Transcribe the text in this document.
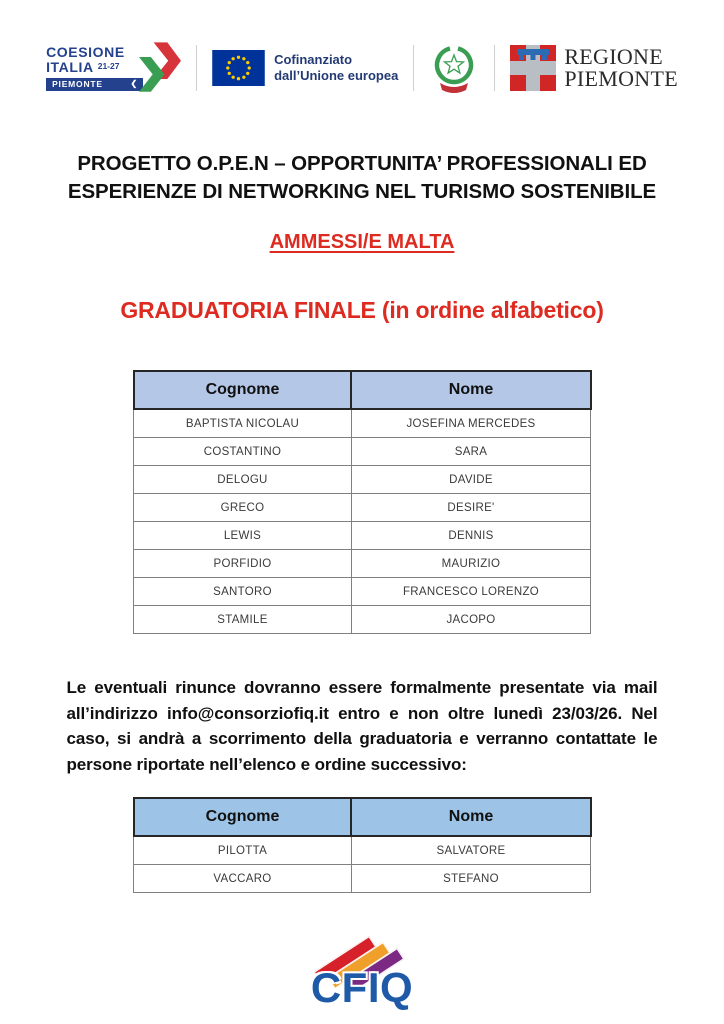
COESIONE
ITALIA $^{21-27}$
PIEMONTE	❮
Cofinanziato
dall’Unione europea
REGIONE
PIEMONTE
PROGETTO O.P.E.N – OPPORTUNITA’ PROFESSIONALI ED
ESPERIENZE DI NETWORKING NEL TURISMO SOSTENIBILE
AMMESSI/E MALTA
GRADUATORIA FINALE (in ordine alfabetico)
Cognome	Nome
BAPTISTA NICOLAU	JOSEFINA MERCEDES
COSTANTINO	SARA
DELOGU	DAVIDE
GRECO	DESIRE'
LEWIS	DENNIS
PORFIDIO	MAURIZIO
SANTORO	FRANCESCO LORENZO
STAMILE	JACOPO

Le eventuali rinunce dovranno essere formalmente presentate via mail all’indirizzo info@consorziofiq.it entro e non oltre lunedì 23/03/26. Nel caso, si andrà a scorrimento della graduatoria e verranno contattate le persone riportate nell’elenco e ordine successivo:

Cognome	Nome
PILOTTA	SALVATORE
VACCARO	STEFANO
CFIQ
